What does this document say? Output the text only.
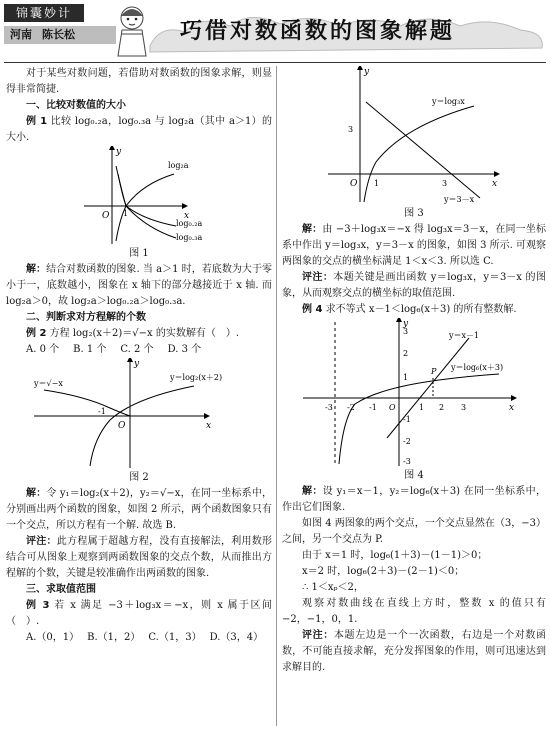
锦囊妙计
河南 陈长松	巧借对数函数的图象解题

对于某些对数问题，若借助对数函数的图象求解，则显得非常简捷.

一、比较对数值的大小

例 1 比较 log₀.₂a，log₀.₃a 与 log₂a（其中 a＞1）的大小.

O	x
y
1
log₂a
log₀.₂a
log₀.₃a

图 1

解：结合对数函数的图象. 当 a＞1 时，若底数为大于零小于一，底数越小，图象在 x 轴下的部分越接近于 x 轴. 而 log₂a＞0，故 log₂a＞log₀.₂a＞log₀.₃a.

二、判断求对方程解的个数

例 2 方程 log₂(x＋2)＝√−x 的实数解有（　）.

A. 0 个 B. 1 个 C. 2 个 D. 3 个
O	x
y
-1
y＝√−x
y＝log₂(x＋2)

图 2

解：令 y₁＝log₂(x＋2)，y₂＝√−x，在同一坐标系中，分别画出两个函数的图象，如图 2 所示，两个函数图象只有一个交点，所以方程有一个解. 故选 B.

评注：此方程属于超越方程，没有直接解法，利用数形结合可从图象上观察到两函数图象的交点个数，从而推出方程解的个数，关键是较准确作出两函数的图象.

三、求取值范围

例 3 若 x 满足 −3＋log₃x＝−x，则 x 属于区间（　）.

A.（0，1） B.（1，2） C.（1，3） D.（3，4）
O	x
y
3
1	3
y＝log₃x
y＝3－x

图 3

解：由 −3＋log₃x＝−x 得 log₃x＝3－x，在同一坐标系中作出 y＝log₃x，y＝3－x 的图象，如图 3 所示. 可观察两图象的交点的横坐标满足 1＜x＜3. 所以选 C.

评注：本题关键是画出函数 y＝log₃x，y＝3－x 的图象，从而观察交点的横坐标的取值范围.

例 4 求不等式 x－1＜log₆(x＋3) 的所有整数解.

y
x
O
-3 -2 -1	1 2 3
3
2
1
-1
-2
-3
P
y＝x－1
y＝log₆(x＋3)

图 4

解：设 y₁＝x－1，y₂＝log₆(x＋3) 在同一坐标系中，作出它们图象.

如图 4 两图象的两个交点，一个交点显然在（3，−3）之间，另一个交点为 P.

由于 x＝1 时，log₆(1＋3)－(1－1)＞0；

x＝2 时，log₆(2＋3)－(2－1)＜0；

∴ 1＜xₚ＜2，

观察对数曲线在直线上方时，整数 x 的值只有 −2，−1，0，1.

评注：本题左边是一个一次函数，右边是一个对数函数，不可能直接求解，充分发挥图象的作用，则可迅速达到求解目的.
